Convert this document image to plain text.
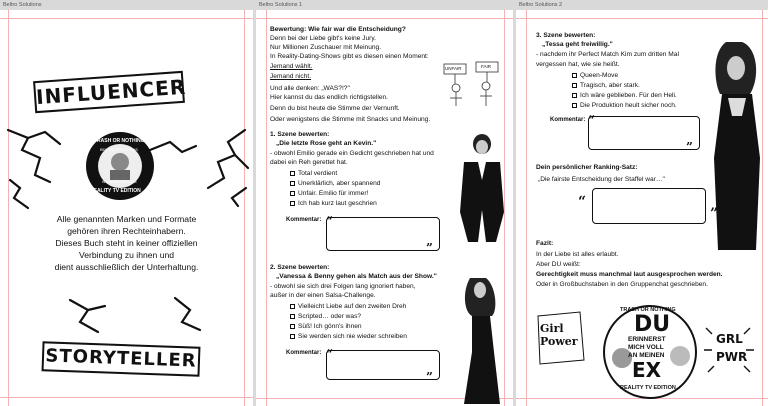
Beltro Solutions	Beltro Solutions 1	Beltro Solutions 2
INFLUENCER
TRASH OR NOTHING
BELTRO SOLUTIONS
WWW.BELTRO.COM
REALITY TV EDITION
Alle genannten Marken und Formate
gehören ihren Rechteinhabern.
Dieses Buch steht in keiner offiziellen
Verbindung zu ihnen und
dient ausschließlich der Unterhaltung.
STORYTELLER
Bewertung: Wie fair war die Entscheidung?
Denn bei der Liebe gibt's keine Jury.
Nur Millionen Zuschauer mit Meinung.
In Reality-Dating-Shows gibt es diesen einen Moment:
Jemand wählt.
Jemand nicht.
Und alle denken: „WAS?!?"
Hier kannst du das endlich richtigstellen.
Denn du bist heute die Stimme der Vernunft.
Oder wenigstens die Stimme mit Snacks und Meinung.
UNFAIR	FAIR
1. Szene bewerten:
„Die letzte Rose geht an Kevin."
- obwohl Emilio gerade ein Gedicht geschrieben hat und
dabei ein Reh gerettet hat.
Total verdient
Unerklärlich, aber spannend
Unfair. Emilio für immer!
Ich hab kurz laut geschrien
Kommentar: “
”
2. Szene bewerten:
„Vanessa & Benny gehen als Match aus der Show."
- obwohl sie sich drei Folgen lang ignoriert haben,
außer in der einen Salsa-Challenge.
Vielleicht Liebe auf den zweiten Dreh
Scripted… oder was?
Süß! Ich gönn's ihnen
Sie werden sich nie wieder schreiben
Kommentar: “
”
3. Szene bewerten:
„Tessa geht freiwillig."
- nachdem ihr Perfect Match Kim zum dritten Mal
vergessen hat, wie sie heißt.
Queen-Move
Tragisch, aber stark.
Ich wäre geblieben. Für den Heli.
Die Produktion heult sicher noch.
Kommentar: “
”
Dein persönlicher Ranking-Satz:
„Die fairste Entscheidung der Staffel war…"
“
”
Fazit:
In der Liebe ist alles erlaubt.
Aber DU weißt:
Gerechtigkeit muss manchmal laut ausgesprochen werden.
Oder in Großbuchstaben in den Gruppenchat geschrieben.
Girl Power
TRASH OR NOTHING
DU
ERINNERST
MICH VOLL
AN MEINEN
EX
REALITY TV EDITION
GRL
PWR
